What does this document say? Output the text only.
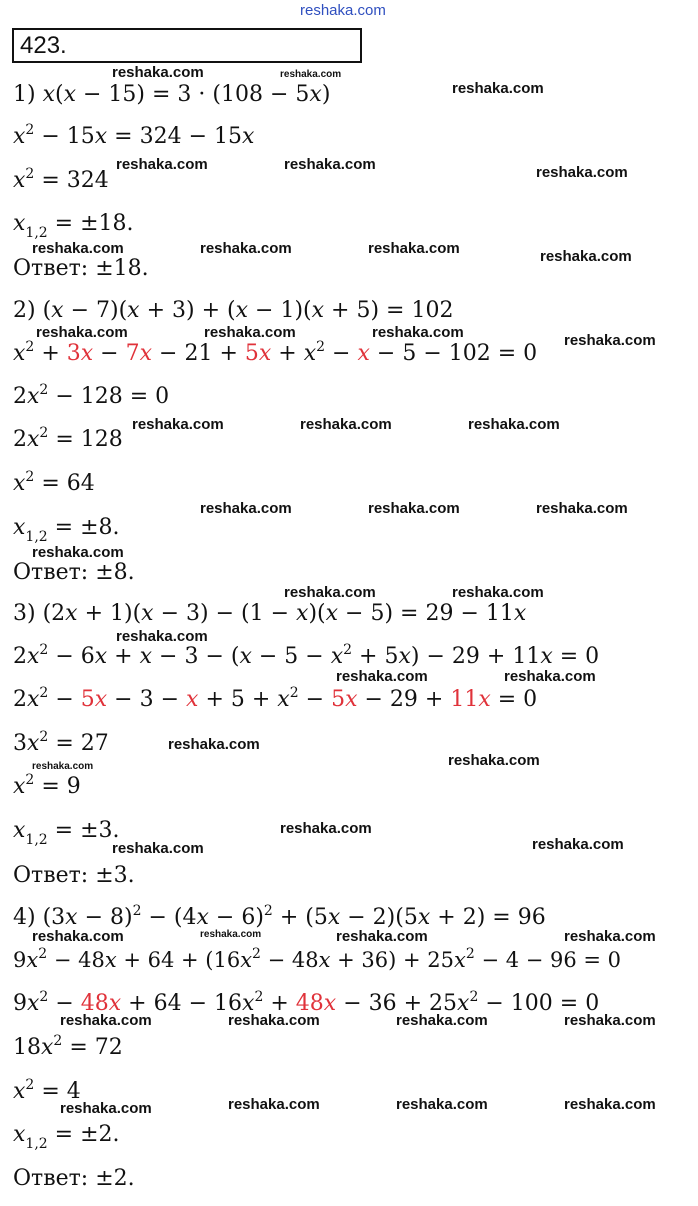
reshaka.com
423.
1) x(x − 15) = 3 · (108 − 5x)
$x^2 - 15x = 324 - 15x$
$x^2 = 324$
$x_{1,2} = \pm 18$.
Ответ: ±18.
2) (x − 7)(x + 3) + (x − 1)(x + 5) = 102
$x^2 + 3x - 7x - 21 + 5x + x^2 - x - 5 - 102 = 0$
$2x^2 - 128 = 0$
$2x^2 = 128$
$x^2 = 64$
$x_{1,2} = \pm 8$.
Ответ: ±8.
3) (2x + 1)(x − 3) − (1 − x)(x − 5) = 29 − 11x
$2x^2 - 6x + x - 3 - (x - 5 - x^2 + 5x) - 29 + 11x = 0$
$2x^2 - 5x - 3 - x + 5 + x^2 - 5x - 29 + 11x = 0$
$3x^2 = 27$
$x^2 = 9$
$x_{1,2} = \pm 3$.
Ответ: ±3.
4) $(3x - 8)^2 - (4x - 6)^2 + (5x - 2)(5x + 2) = 96$
$9x^2 - 48x + 64 + (16x^2 - 48x + 36) + 25x^2 - 4 - 96 = 0$
$9x^2 - 48x + 64 - 16x^2 + 48x - 36 + 25x^2 - 100 = 0$
$18x^2 = 72$
$x^2 = 4$
$x_{1,2} = \pm 2$.
Ответ: ±2.
reshaka.com	reshaka.com
reshaka.com
reshaka.com	reshaka.com	reshaka.com
reshaka.com	reshaka.com	reshaka.com	reshaka.com
reshaka.com	reshaka.com	reshaka.com	reshaka.com
reshaka.com	reshaka.com	reshaka.com
reshaka.com	reshaka.com	reshaka.com
reshaka.com
reshaka.com	reshaka.com
reshaka.com
reshaka.com	reshaka.com
reshaka.com
reshaka.com
reshaka.com
reshaka.com
reshaka.com
reshaka.com
reshaka.com	reshaka.com	reshaka.com	reshaka.com
reshaka.com	reshaka.com	reshaka.com	reshaka.com
reshaka.com	reshaka.com	reshaka.com	reshaka.com
